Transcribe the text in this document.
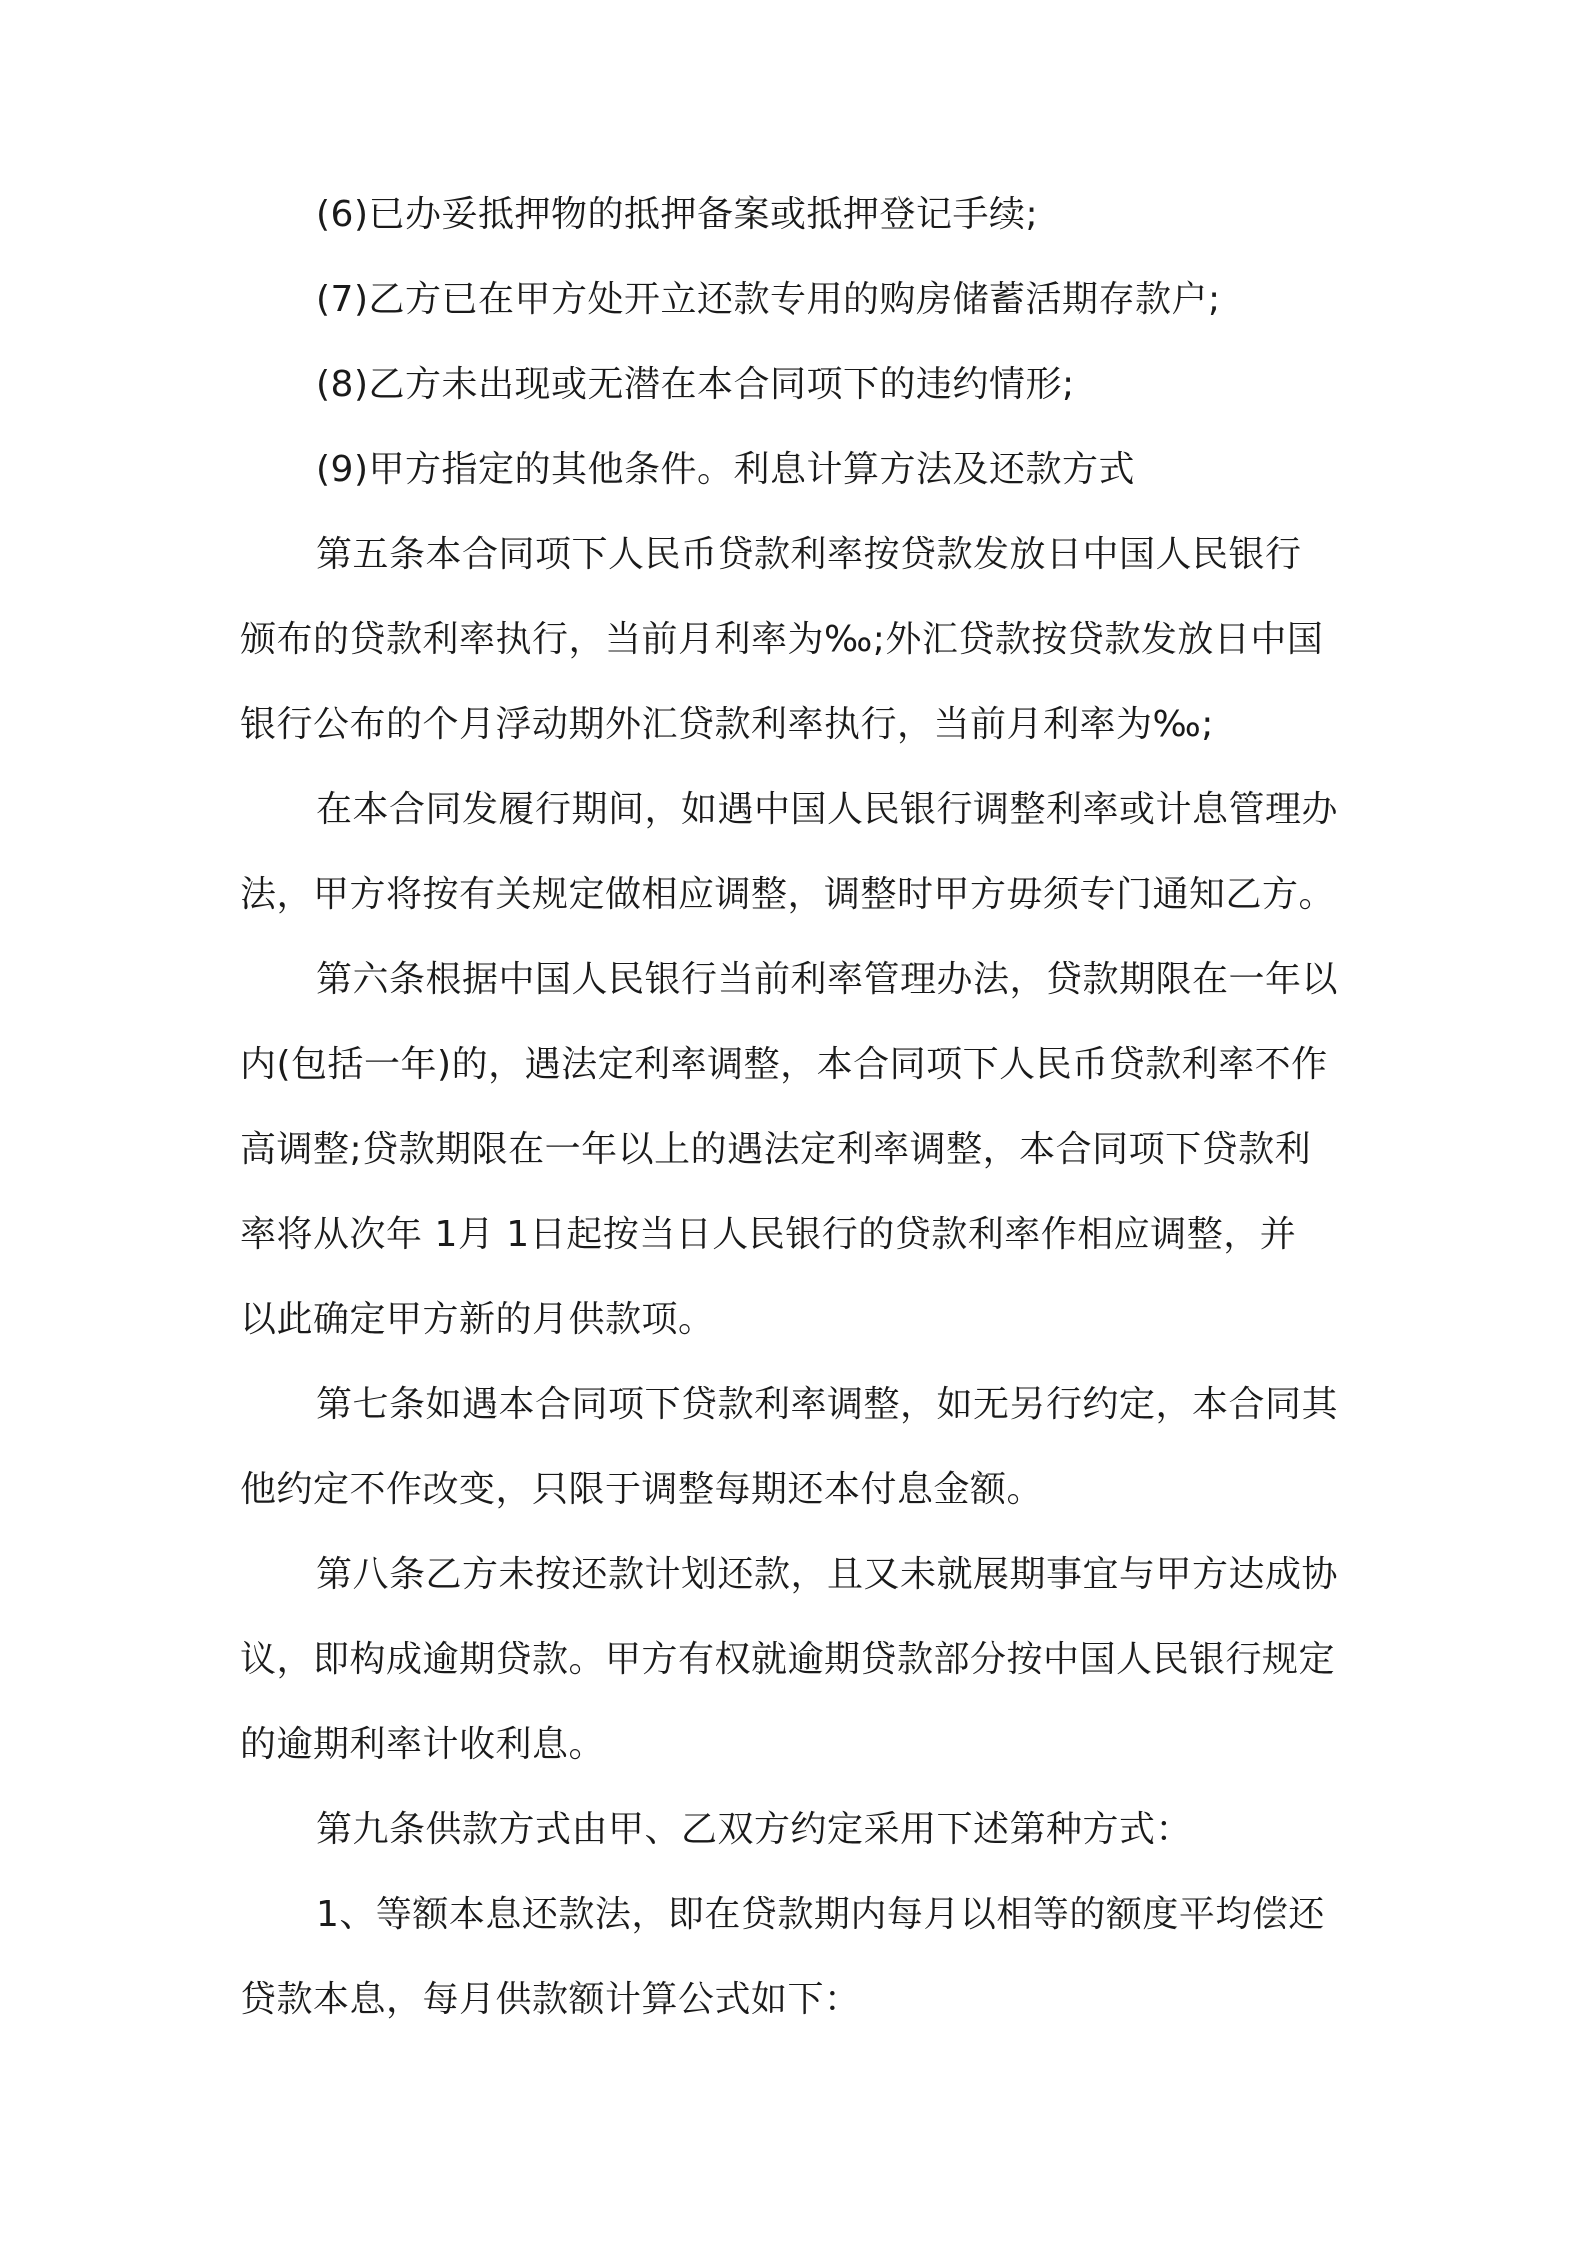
(6)已办妥抵押物的抵押备案或抵押登记手续;
(7)乙方已在甲方处开立还款专用的购房储蓄活期存款户;
(8)乙方未出现或无潜在本合同项下的违约情形;
(9)甲方指定的其他条件。利息计算方法及还款方式
第五条本合同项下人民币贷款利率按贷款发放日中国人民银行
颁布的贷款利率执行，当前月利率为‰;外汇贷款按贷款发放日中国
银行公布的个月浮动期外汇贷款利率执行，当前月利率为‰;
在本合同发履行期间，如遇中国人民银行调整利率或计息管理办
法，甲方将按有关规定做相应调整，调整时甲方毋须专门通知乙方。
第六条根据中国人民银行当前利率管理办法，贷款期限在一年以
内(包括一年)的，遇法定利率调整，本合同项下人民币贷款利率不作
高调整;贷款期限在一年以上的遇法定利率调整，本合同项下贷款利
率将从次年 1月 1日起按当日人民银行的贷款利率作相应调整，并
以此确定甲方新的月供款项。
第七条如遇本合同项下贷款利率调整，如无另行约定，本合同其
他约定不作改变，只限于调整每期还本付息金额。
第八条乙方未按还款计划还款，且又未就展期事宜与甲方达成协
议，即构成逾期贷款。甲方有权就逾期贷款部分按中国人民银行规定
的逾期利率计收利息。
第九条供款方式由甲、乙双方约定采用下述第种方式：
1、等额本息还款法，即在贷款期内每月以相等的额度平均偿还
贷款本息，每月供款额计算公式如下：
